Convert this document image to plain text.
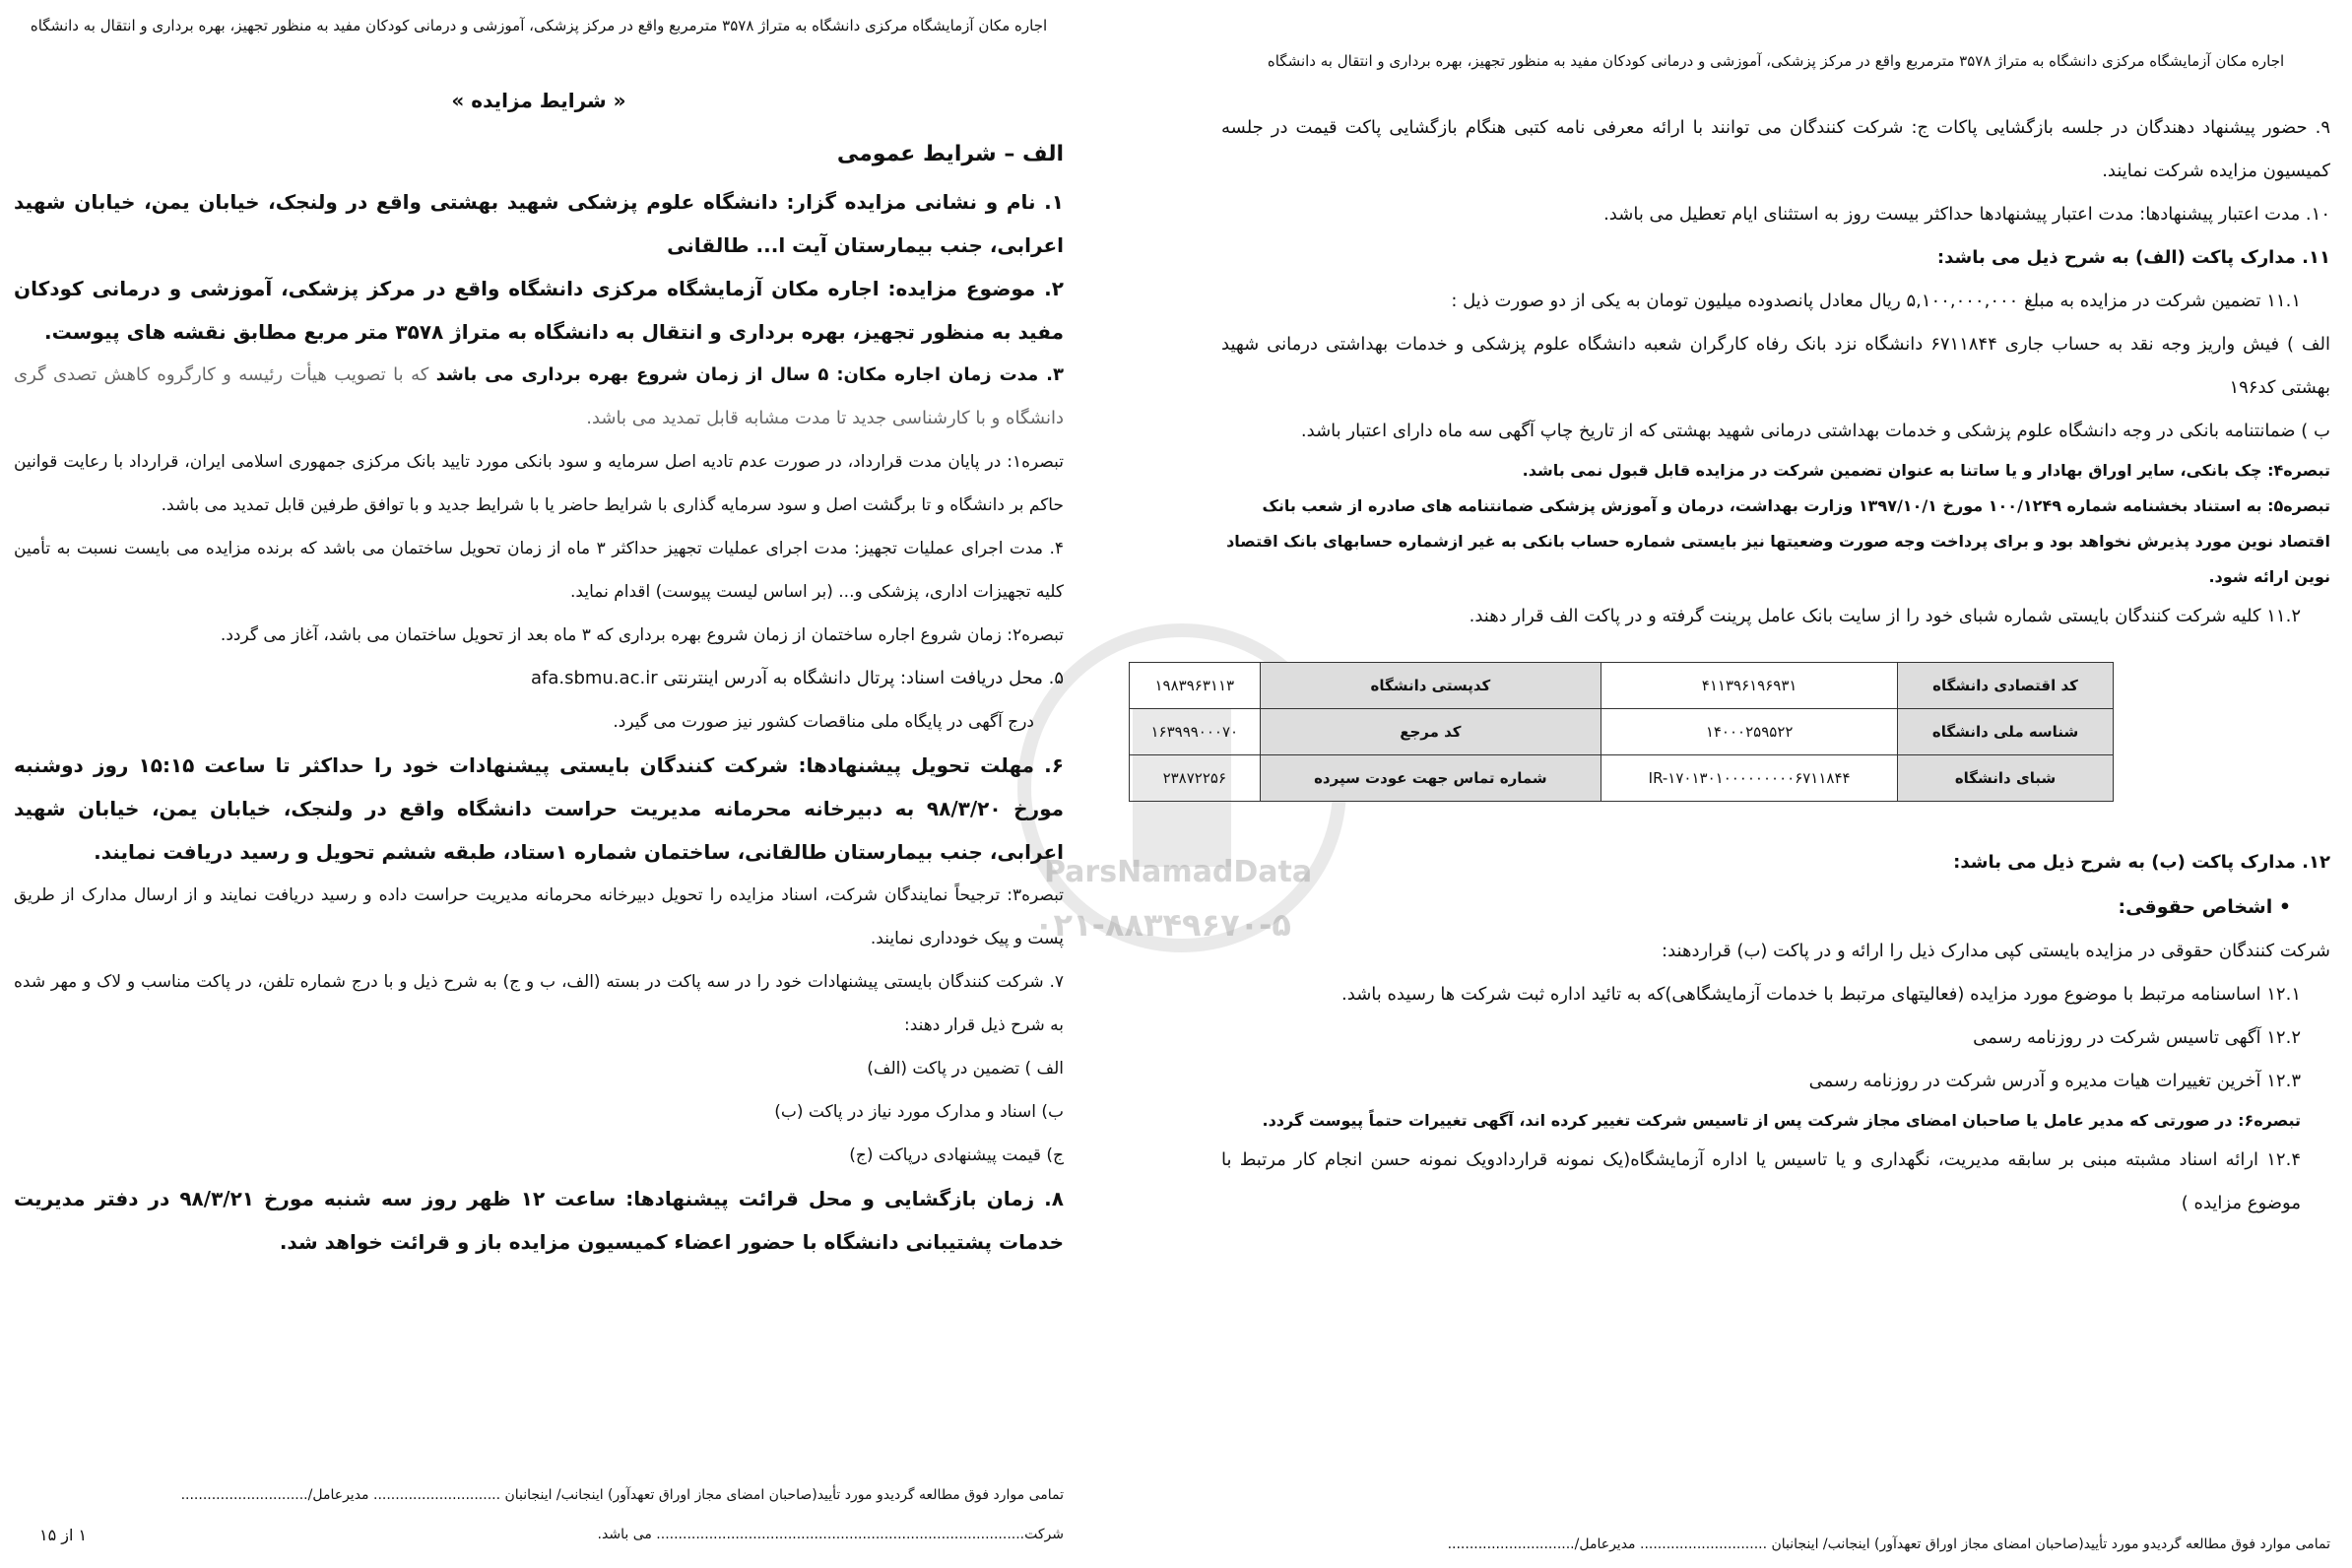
ParsNamadData
۰۲۱-۸۸۳۴۹۶۷۰-۵
اجاره مکان آزمایشگاه مرکزی دانشگاه به متراژ ۳۵۷۸ مترمربع واقع در مرکز پزشکی، آموزشی و درمانی کودکان مفید به منظور تجهیز، بهره برداری و انتقال به دانشگاه
« شرایط مزایده »
الف – شرایط عمومی
۱. نام و نشانی مزایده گزار: دانشگاه علوم پزشکی شهید بهشتی واقع در ولنجک، خیابان یمن، خیابان شهید اعرابی، جنب بیمارستان آیت ا... طالقانی
۲. موضوع مزایده: اجاره مکان آزمایشگاه مرکزی دانشگاه واقع در مرکز پزشکی، آموزشی و درمانی کودکان مفید به منظور تجهیز، بهره برداری و انتقال به دانشگاه به متراژ ۳۵۷۸ متر مربع مطابق نقشه های پیوست.
۳. مدت زمان اجاره مکان: ۵ سال از زمان شروع بهره برداری می باشد که با تصویب هیأت رئیسه و کارگروه کاهش تصدی گری دانشگاه و با کارشناسی جدید تا مدت مشابه قابل تمدید می باشد.
تبصره۱: در پایان مدت قرارداد، در صورت عدم تادیه اصل سرمایه و سود بانکی مورد تایید بانک مرکزی جمهوری اسلامی ایران، قرارداد با رعایت قوانین حاکم بر دانشگاه و تا برگشت اصل و سود سرمایه گذاری با شرایط حاضر یا با شرایط جدید و با توافق طرفین قابل تمدید می باشد.
۴. مدت اجرای عملیات تجهیز: مدت اجرای عملیات تجهیز حداکثر ۳ ماه از زمان تحویل ساختمان می باشد که برنده مزایده می بایست نسبت به تأمین کلیه تجهیزات اداری، پزشکی و... (بر اساس لیست پیوست) اقدام نماید.
تبصره۲: زمان شروع اجاره ساختمان از زمان شروع بهره برداری که ۳ ماه بعد از تحویل ساختمان می باشد، آغاز می گردد.
۵. محل دریافت اسناد: پرتال دانشگاه به آدرس اینترنتی afa.sbmu.ac.ir
درج آگهی در پایگاه ملی مناقصات کشور نیز صورت می گیرد.
۶. مهلت تحویل پیشنهادها: شرکت کنندگان بایستی پیشنهادات خود را حداکثر تا ساعت ۱۵:۱۵ روز دوشنبه مورخ ۹۸/۳/۲۰ به دبیرخانه محرمانه مدیریت حراست دانشگاه واقع در ولنجک، خیابان یمن، خیابان شهید اعرابی، جنب بیمارستان طالقانی، ساختمان شماره ۱ستاد، طبقه ششم تحویل و رسید دریافت نمایند.
تبصره۳: ترجیحاً نمایندگان شرکت، اسناد مزایده را تحویل دبیرخانه محرمانه مدیریت حراست داده و رسید دریافت نمایند و از ارسال مدارک از طریق پست و پیک خودداری نمایند.
۷. شرکت کنندگان بایستی پیشنهادات خود را در سه پاکت در بسته (الف، ب و ج) به شرح ذیل و با درج شماره تلفن، در پاکت مناسب و لاک و مهر شده به شرح ذیل قرار دهند:
الف ) تضمین در پاکت (الف)
ب) اسناد و مدارک مورد نیاز در پاکت (ب)
ج) قیمت پیشنهادی درپاکت (ج)
۸. زمان بازگشایی و محل قرائت پیشنهادها: ساعت ۱۲ ظهر روز سه شنبه مورخ ۹۸/۳/۲۱ در دفتر مدیریت خدمات پشتیبانی دانشگاه با حضور اعضاء کمیسیون مزایده باز و قرائت خواهد شد.
تمامی موارد فوق مطالعه گردیدو مورد تأیید(صاحبان امضای مجاز اوراق تعهدآور) اینجانب/ اینجانبان ............................. مدیرعامل/.............................
شرکت.................................................................................... می باشد.
۱ از ۱۵
اجاره مکان آزمایشگاه مرکزی دانشگاه به متراژ ۳۵۷۸ مترمربع واقع در مرکز پزشکی، آموزشی و درمانی کودکان مفید به منظور تجهیز، بهره برداری و انتقال به دانشگاه
۹. حضور پیشنهاد دهندگان در جلسه بازگشایی پاکات ج: شرکت کنندگان می توانند با ارائه معرفی نامه کتبی هنگام بازگشایی پاکت قیمت در جلسه کمیسیون مزایده شرکت نمایند.
۱۰. مدت اعتبار پیشنهادها: مدت اعتبار پیشنهادها حداکثر بیست روز به استثنای ایام تعطیل می باشد.
۱۱. مدارک پاکت (الف) به شرح ذیل می باشد:
۱۱.۱ تضمین شرکت در مزایده به مبلغ ۵,۱۰۰,۰۰۰,۰۰۰ ریال معادل پانصدوده میلیون تومان به یکی از دو صورت ذیل :
الف ) فیش واریز وجه نقد به حساب جاری ۶۷۱۱۸۴۴ دانشگاه نزد بانک رفاه کارگران شعبه دانشگاه علوم پزشکی و خدمات بهداشتی درمانی شهید بهشتی کد۱۹۶
ب ) ضمانتنامه بانکی در وجه دانشگاه علوم پزشکی و خدمات بهداشتی درمانی شهید بهشتی که از تاریخ چاپ آگهی سه ماه دارای اعتبار باشد.
تبصره۴: چک بانکی، سایر اوراق بهادار و یا ساتنا به عنوان تضمین شرکت در مزایده قابل قبول نمی باشد.
تبصره۵: به استناد بخشنامه شماره ۱۰۰/۱۲۴۹ مورخ ۱۳۹۷/۱۰/۱ وزارت بهداشت، درمان و آموزش پزشکی ضمانتنامه های صادره از شعب بانک اقتصاد نوین مورد پذیرش نخواهد بود و برای پرداخت وجه صورت وضعیتها نیز بایستی شماره حساب بانکی به غیر ازشماره حسابهای بانک اقتصاد نوین ارائه شود.
۱۱.۲ کلیه شرکت کنندگان بایستی شماره شبای خود را از سایت بانک عامل پرینت گرفته و در پاکت الف قرار دهند.
کد اقتصادی دانشگاه	۴۱۱۳۹۶۱۹۶۹۳۱	کدپستی دانشگاه	۱۹۸۳۹۶۳۱۱۳
شناسه ملی دانشگاه	۱۴۰۰۰۲۵۹۵۲۲	کد مرجع	۱۶۳۹۹۹۰۰۰۷۰
شبای دانشگاه	IR-۱۷۰۱۳۰۱۰۰۰۰۰۰۰۰۰۶۷۱۱۸۴۴	شماره تماس جهت عودت سپرده	۲۳۸۷۲۲۵۶
۱۲. مدارک پاکت (ب) به شرح ذیل می باشد:
• اشخاص حقوقی:
شرکت کنندگان حقوقی در مزایده بایستی کپی مدارک ذیل را ارائه و در پاکت (ب) قراردهند:
۱۲.۱ اساسنامه مرتبط با موضوع مورد مزایده (فعالیتهای مرتبط با خدمات آزمایشگاهی)که به تائید اداره ثبت شرکت ها رسیده باشد.
۱۲.۲ آگهی تاسیس شرکت در روزنامه رسمی
۱۲.۳ آخرین تغییرات هیات مدیره و آدرس شرکت در روزنامه رسمی
تبصره۶: در صورتی که مدیر عامل یا صاحبان امضای مجاز شرکت پس از تاسیس شرکت تغییر کرده اند، آگهی تغییرات حتماً پیوست گردد.
۱۲.۴ ارائه اسناد مشبته مبنی بر سابقه مدیریت، نگهداری و یا تاسیس یا اداره آزمایشگاه(یک نمونه قراردادویک نمونه حسن انجام کار مرتبط با موضوع مزایده )
تمامی موارد فوق مطالعه گردیدو مورد تأیید(صاحبان امضای مجاز اوراق تعهدآور) اینجانب/ اینجانبان ............................. مدیرعامل/.............................
